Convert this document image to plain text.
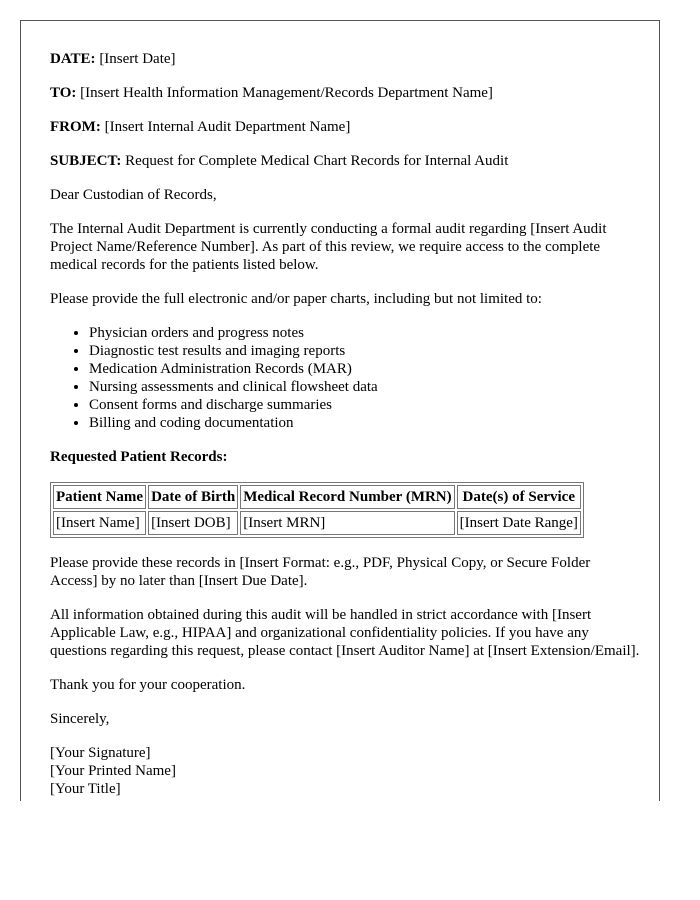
DATE: [Insert Date]

TO: [Insert Health Information Management/Records Department Name]

FROM: [Insert Internal Audit Department Name]

SUBJECT: Request for Complete Medical Chart Records for Internal Audit

Dear Custodian of Records,

The Internal Audit Department is currently conducting a formal audit regarding [Insert Audit Project Name/Reference Number]. As part of this review, we require access to the complete medical records for the patients listed below.

Please provide the full electronic and/or paper charts, including but not limited to:

• Physician orders and progress notes
• Diagnostic test results and imaging reports
• Medication Administration Records (MAR)
• Nursing assessments and clinical flowsheet data
• Consent forms and discharge summaries
• Billing and coding documentation

Requested Patient Records:

Patient Name	Date of Birth	Medical Record Number (MRN)	Date(s) of Service
[Insert Name]	[Insert DOB]	[Insert MRN]	[Insert Date Range]

Please provide these records in [Insert Format: e.g., PDF, Physical Copy, or Secure Folder Access] by no later than [Insert Due Date].

All information obtained during this audit will be handled in strict accordance with [Insert Applicable Law, e.g., HIPAA] and organizational confidentiality policies. If you have any questions regarding this request, please contact [Insert Auditor Name] at [Insert Extension/Email].

Thank you for your cooperation.

Sincerely,

[Your Signature]
[Your Printed Name]
[Your Title]
